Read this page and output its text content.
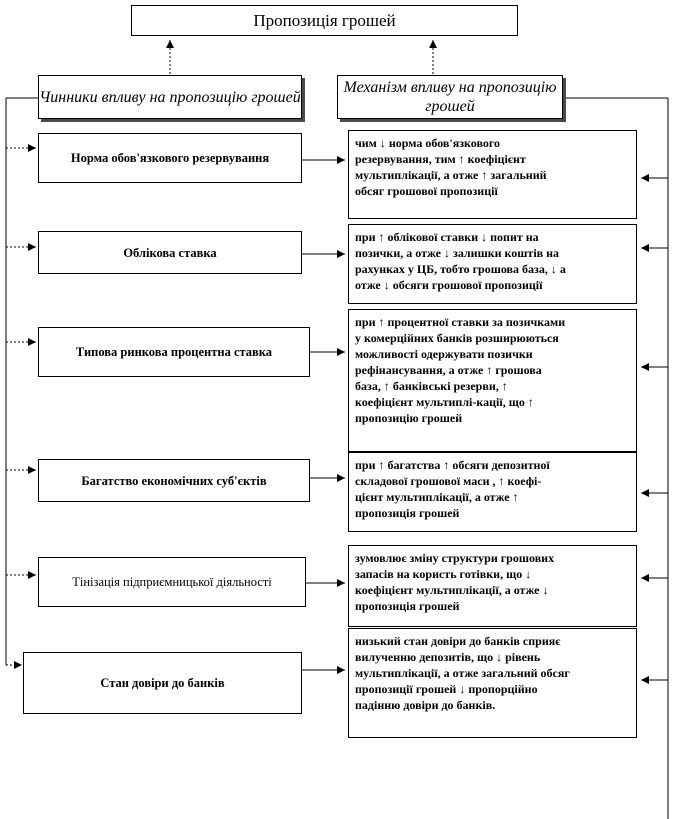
Пропозиція грошей
Чинники впливу на пропозицію грошей
Механізм впливу на пропозицію грошей
Норма обов'язкового резервування
Облікова ставка
Типова ринкова процентна ставка
Багатство економічних суб'єктів
Тінізація підприємницької діяльності
Стан довіри до банків
чим ↓ норма обов'язкового
резервування, тим ↑ коефіцієнт
мультиплікації, а отже ↑ загальний
обсяг грошової пропозиції
при ↑ облікової ставки ↓ попит на
позички, а отже ↓ залишки коштів на
рахунках у ЦБ, тобто грошова база, ↓ а
отже ↓ обсяги грошової пропозиції
при ↑ процентної ставки за позичками
у комерційних банків розширюються
можливості одержувати позички
рефінансування, а отже ↑ грошова
база, ↑ банківські резерви, ↑
коефіцієнт мультиплі-кації, що ↑
пропозицію грошей
при ↑ багатства ↑ обсяги депозитної
складової грошової маси , ↑ коефі-
цієнт мультиплікації, а отже ↑
пропозиція грошей
зумовлює зміну структури грошових
запасів на користь готівки, що ↓
коефіцієнт мультиплікації, а отже ↓
пропозиція грошей
низький стан довіри до банків сприяє
вилученню депозитів, що ↓ рівень
мультиплікації, а отже загальний обсяг
пропозиції грошей ↓ пропорційно
падінню довіри до банків.
